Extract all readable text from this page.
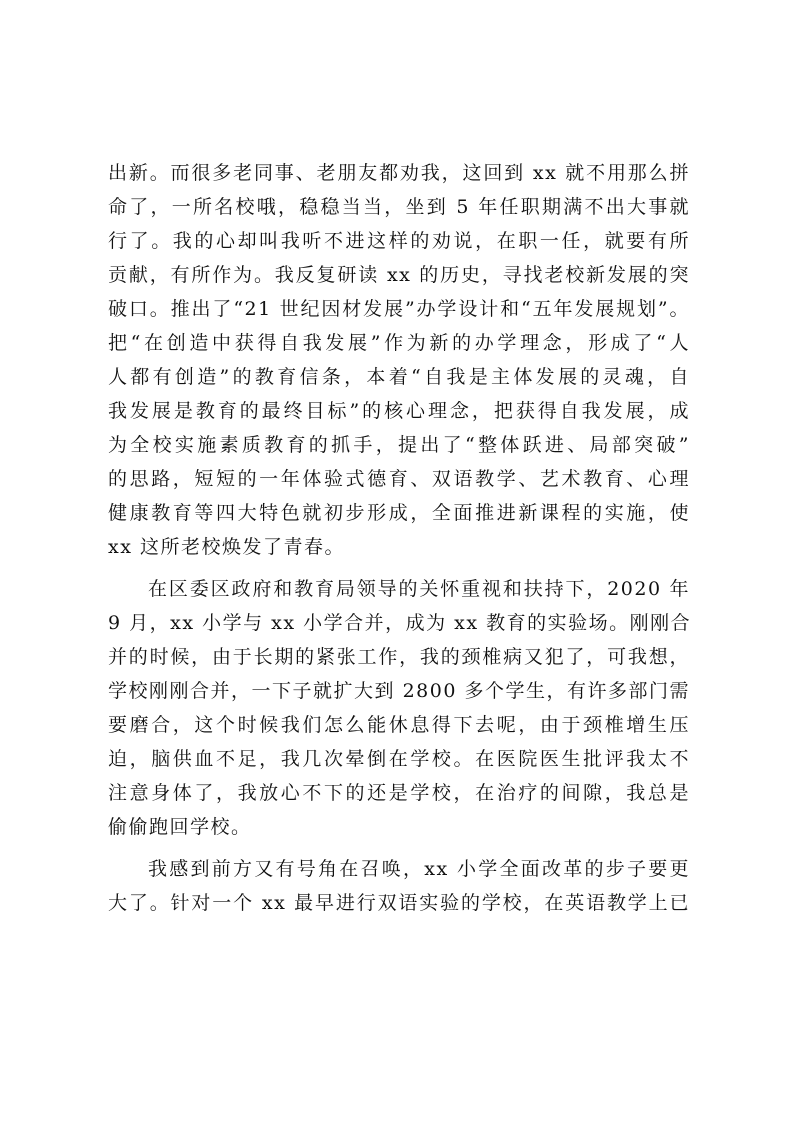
出新。而很多老同事、老朋友都劝我，这回到 xx 就不用那么拼
命了，一所名校哦，稳稳当当，坐到 5 年任职期满不出大事就
行了。我的心却叫我听不进这样的劝说，在职一任，就要有所
贡献，有所作为。我反复研读 xx 的历史，寻找老校新发展的突
破口。推出了“21 世纪因材发展”办学设计和“五年发展规划”。
把“在创造中获得自我发展”作为新的办学理念，形成了“人
人都有创造”的教育信条，本着“自我是主体发展的灵魂，自
我发展是教育的最终目标”的核心理念，把获得自我发展，成
为全校实施素质教育的抓手，提出了“整体跃进、局部突破”
的思路，短短的一年体验式德育、双语教学、艺术教育、心理
健康教育等四大特色就初步形成，全面推进新课程的实施，使
xx 这所老校焕发了青春。
在区委区政府和教育局领导的关怀重视和扶持下，2020 年
9 月，xx 小学与 xx 小学合并，成为 xx 教育的实验场。刚刚合
并的时候，由于长期的紧张工作，我的颈椎病又犯了，可我想，
学校刚刚合并，一下子就扩大到 2800 多个学生，有许多部门需
要磨合，这个时候我们怎么能休息得下去呢，由于颈椎增生压
迫，脑供血不足，我几次晕倒在学校。在医院医生批评我太不
注意身体了，我放心不下的还是学校，在治疗的间隙，我总是
偷偷跑回学校。
我感到前方又有号角在召唤，xx 小学全面改革的步子要更
大了。针对一个 xx 最早进行双语实验的学校，在英语教学上已
